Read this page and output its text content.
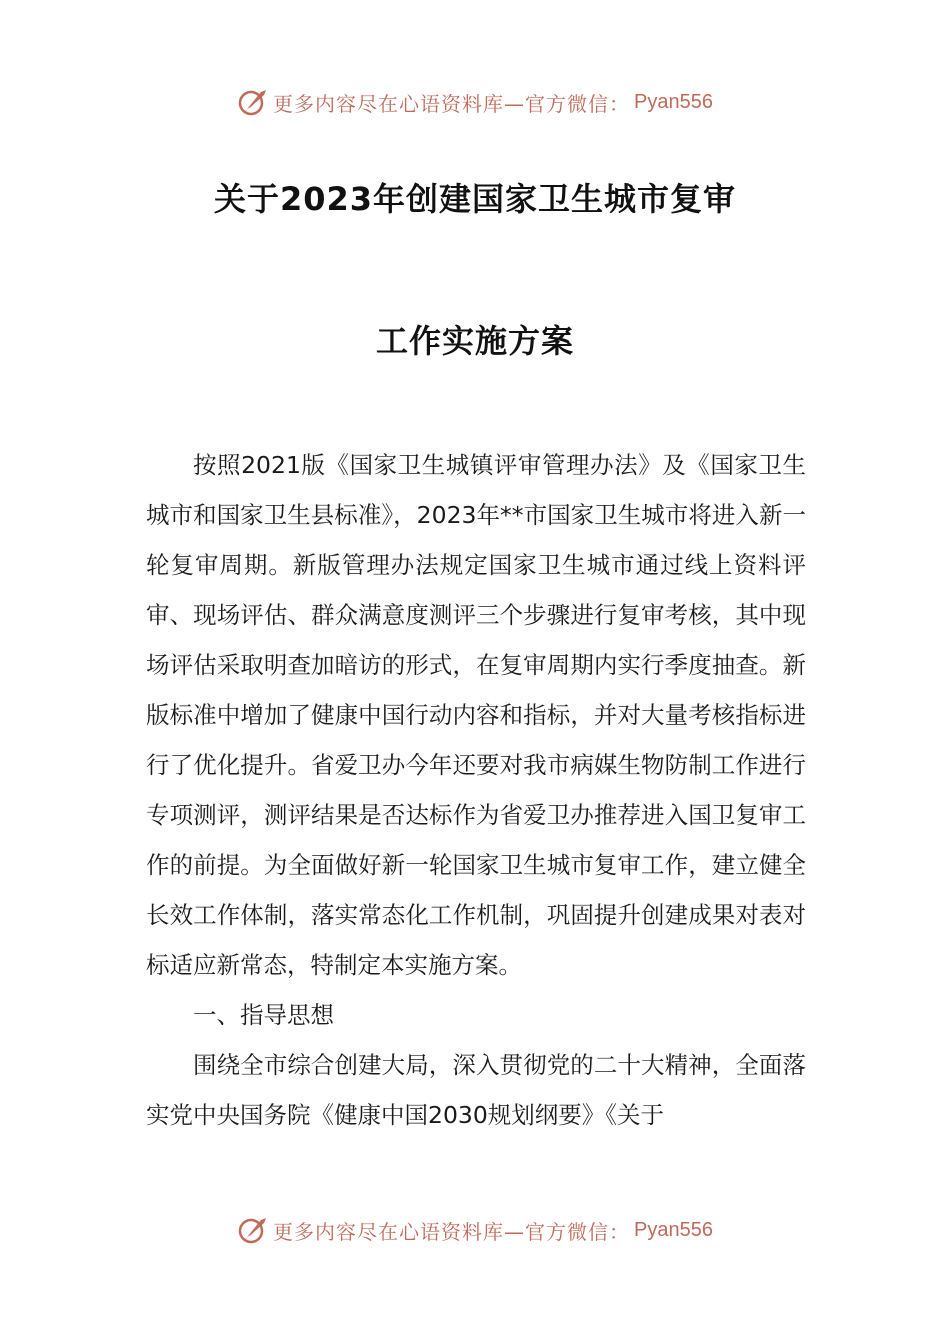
更多内容尽在心语资料库—官方微信： Pyan556
关于2023年创建国家卫生城市复审
工作实施方案

按照2021版《国家卫生城镇评审管理办法》及《国家卫生城市和国家卫生县标准》，2023年**市国家卫生城市将进入新一轮复审周期。新版管理办法规定国家卫生城市通过线上资料评审、现场评估、群众满意度测评三个步骤进行复审考核，其中现场评估采取明查加暗访的形式，在复审周期内实行季度抽查。新版标准中增加了健康中国行动内容和指标，并对大量考核指标进行了优化提升。省爱卫办今年还要对我市病媒生物防制工作进行专项测评，测评结果是否达标作为省爱卫办推荐进入国卫复审工作的前提。为全面做好新一轮国家卫生城市复审工作，建立健全长效工作体制，落实常态化工作机制，巩固提升创建成果对表对标适应新常态，特制定本实施方案。

一、指导思想

围绕全市综合创建大局，深入贯彻党的二十大精神，全面落实党中央国务院《健康中国2030规划纲要》《关于

更多内容尽在心语资料库—官方微信： Pyan556
